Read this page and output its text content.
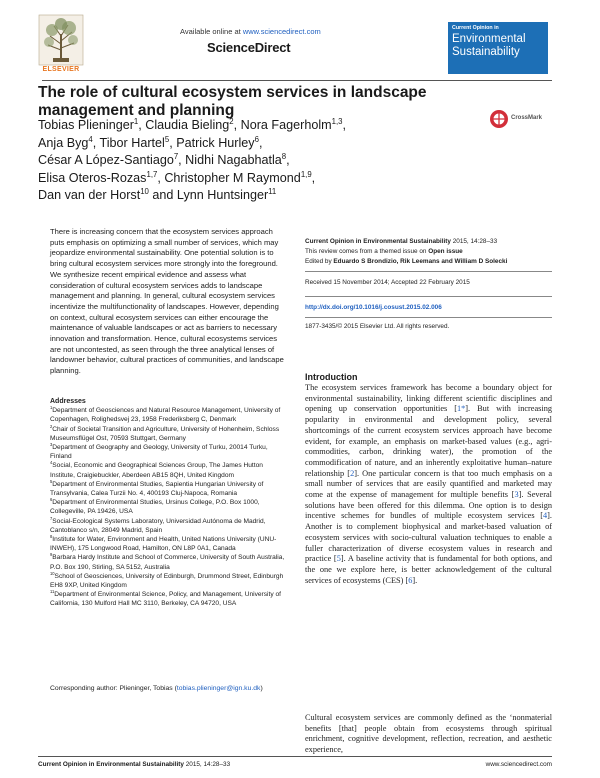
ELSEVIER
Available online at www.sciencedirect.com
ScienceDirect
Current Opinion in
Environmental
Sustainability
The role of cultural ecosystem services in landscape management and planning	CrossMark
Tobias Plieninger$^1$, Claudia Bieling$^2$, Nora Fagerholm$^{1,3}$,
Anja Byg$^4$, Tibor Hartel$^5$, Patrick Hurley$^6$,
César A López-Santiago$^7$, Nidhi Nagabhatla$^8$,
Elisa Oteros-Rozas$^{1,7}$, Christopher M Raymond$^{1,9}$,
Dan van der Horst$^{10}$ and Lynn Huntsinger$^{11}$
There is increasing concern that the ecosystem services approach puts emphasis on optimizing a small number of services, which may jeopardize environmental sustainability. One potential solution is to bring cultural ecosystem services more strongly into the foreground. We synthesize recent empirical evidence and assess what consideration of cultural ecosystem services adds to landscape management and planning. In general, cultural ecosystem services incentivize the multifunctionality of landscapes. However, depending on context, cultural ecosystem services can either encourage the maintenance of valuable landscapes or act as barriers to necessary innovation and transformation. Hence, cultural ecosystems services are not uncontested, as seen through the three analytical lenses of landowner behavior, cultural practices of communities, and landscape planning.
Addresses
$^1$Department of Geosciences and Natural Resource Management, University of Copenhagen, Rolighedsvej 23, 1958 Frederiksberg C, Denmark
$^2$Chair of Societal Transition and Agriculture, University of Hohenheim, Schloss Museumsflügel Ost, 70593 Stuttgart, Germany
$^3$Department of Geography and Geology, University of Turku, 20014 Turku, Finland
$^4$Social, Economic and Geographical Sciences Group, The James Hutton Institute, Craigiebuckler, Aberdeen AB15 8QH, United Kingdom
$^5$Department of Environmental Studies, Sapientia Hungarian University of Transylvania, Calea Turzii No. 4, 400193 Cluj-Napoca, Romania
$^6$Department of Environmental Studies, Ursinus College, P.O. Box 1000, Collegeville, PA 19426, USA
$^7$Social-Ecological Systems Laboratory, Universidad Autónoma de Madrid, Cantoblanco s/n, 28049 Madrid, Spain
$^8$Institute for Water, Environment and Health, United Nations University (UNU-INWEH), 175 Longwood Road, Hamilton, ON L8P 0A1, Canada
$^9$Barbara Hardy Institute and School of Commerce, University of South Australia, P.O. Box 190, Stirling, SA 5152, Australia
$^{10}$School of Geosciences, University of Edinburgh, Drummond Street, Edinburgh EH8 9XP, United Kingdom
$^{11}$Department of Environmental Science, Policy, and Management, University of California, 130 Mulford Hall MC 3110, Berkeley, CA 94720, USA
Corresponding author: Plieninger, Tobias (tobias.plieninger@ign.ku.dk)
Current Opinion in Environmental Sustainability 2015, 14:28–33
This review comes from a themed issue on Open issue
Edited by Eduardo S Brondizio, Rik Leemans and William D Solecki
Received 15 November 2014; Accepted 22 February 2015
http://dx.doi.org/10.1016/j.cosust.2015.02.006
1877-3435/© 2015 Elsevier Ltd. All rights reserved.
Introduction
The ecosystem services framework has become a boundary object for environmental sustainability, linking different scientific disciplines and opening up conservation opportunities [1*]. But with increasing popularity in environmental and development policy, several shortcomings of the current ecosystem services approach have become evident, for example, an emphasis on market-based values (e.g., agri-commodities, carbon, drinking water), the promotion of the commodification of nature, and an inherently exploitative human–nature relationship [2]. One particular concern is that too much emphasis on a small number of services that are easily quantified and marketed may come at the expense of management for multiple benefits [3]. Several solutions have been offered for this dilemma. One option is to design incentive schemes for bundles of multiple ecosystem services [4]. Another is to complement biophysical and market-based valuation of ecosystem services with socio-cultural valuation techniques to enable a fuller characterization of diverse ecosystem values in research and practice [5]. A baseline activity that is fundamental for both options, and the one we explore here, is better acknowledgement of the cultural services of ecosystems (CES) [6].
Cultural ecosystem services are commonly defined as the ‘nonmaterial benefits [that] people obtain from ecosystems through spiritual enrichment, cognitive development, reflection, recreation, and aesthetic experience,
Current Opinion in Environmental Sustainability 2015, 14:28–33	www.sciencedirect.com
